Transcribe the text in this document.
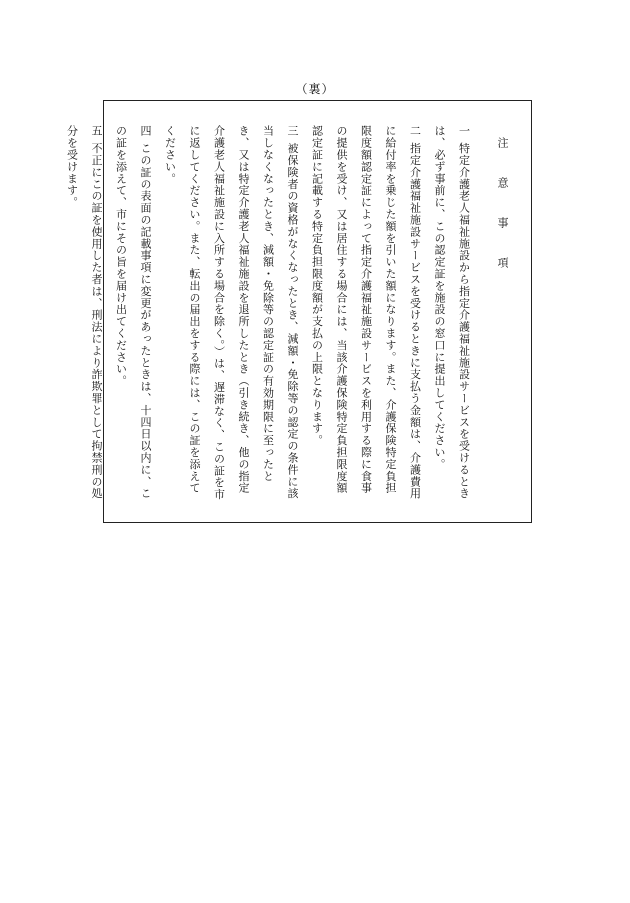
（裏）
注　意　事　項
一特定介護老人福祉施設から指定介護福祉施設サービスを受けるときは、必ず事前に、この認定証を施設の窓口に提出してください。
二指定介護福祉施設サービスを受けるときに支払う金額は、介護費用に給付率を乗じた額を引いた額になります。また、介護保険特定負担限度額認定証によって指定介護福祉施設サービスを利用する際に食事の提供を受け、又は居住する場合には、当該介護保険特定負担限度額認定証に記載する特定負担限度額が支払の上限となります。
三被保険者の資格がなくなったとき、減額・免除等の認定の条件に該当しなくなったとき、減額・免除等の認定証の有効期限に至ったとき、又は特定介護老人福祉施設を退所したとき（引き続き、他の指定介護老人福祉施設に入所する場合を除く。）は、遅滞なく、この証を市に返してください。また、転出の届出をする際には、この証を添えてください。
四この証の表面の記載事項に変更があったときは、十四日以内に、この証を添えて、市にその旨を届け出てください。
五不正にこの証を使用した者は、刑法により詐欺罪として拘禁刑の処分を受けます。
